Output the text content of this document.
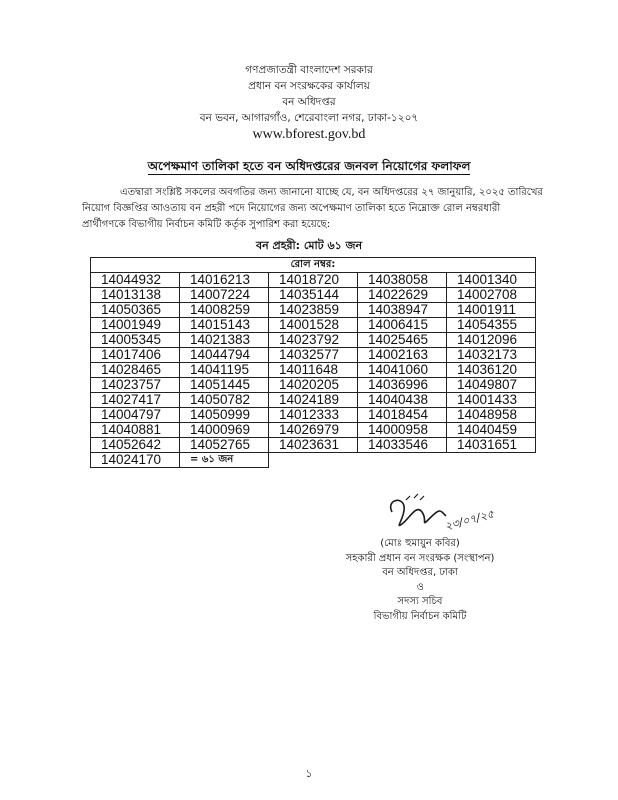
গণপ্রজাতন্ত্রী বাংলাদেশ সরকার
প্রধান বন সংরক্ষকের কার্যালয়
বন অধিদপ্তর
বন ভবন, আগারগাঁও, শেরেবাংলা নগর, ঢাকা-১২০৭
www.bforest.gov.bd
অপেক্ষমাণ তালিকা হতে বন অধিদপ্তরের জনবল নিয়োগের ফলাফল
এতদ্বারা সংশ্লিষ্ট সকলের অবগতির জন্য জানানো যাচ্ছে যে, বন অধিদপ্তরের ২৭ জানুয়ারি, ২০২৫ তারিখের নিয়োগ বিজ্ঞপ্তির আওতায় বন প্রহরী পদে নিয়োগের জন্য অপেক্ষমাণ তালিকা হতে নিম্নোক্ত রোল নম্বরধারী প্রার্থীগণকে বিভাগীয় নির্বাচন কমিটি কর্তৃক সুপারিশ করা হয়েছে:
বন প্রহরী: মোট ৬১ জন
রোল নম্বর:				
14044932	14016213	14018720	14038058	14001340
14013138	14007224	14035144	14022629	14002708
14050365	14008259	14023859	14038947	14001911
14001949	14015143	14001528	14006415	14054355
14005345	14021383	14023792	14025465	14012096
14017406	14044794	14032577	14002163	14032173
14028465	14041195	14011648	14041060	14036120
14023757	14051445	14020205	14036996	14049807
14027417	14050782	14024189	14040438	14001433
14004797	14050999	14012333	14018454	14048958
14040881	14000969	14026979	14000958	14040459
14052642	14052765	14023631	14033546	14031651
14024170	= ৬১ জন			
২৩/০৭/২৫
(মোঃ হুমায়ুন কবির)
সহকারী প্রধান বন সংরক্ষক (সংস্থাপন)
বন অধিদপ্তর, ঢাকা
ও
সদস্য সচিব
বিভাগীয় নির্বাচন কমিটি
১
